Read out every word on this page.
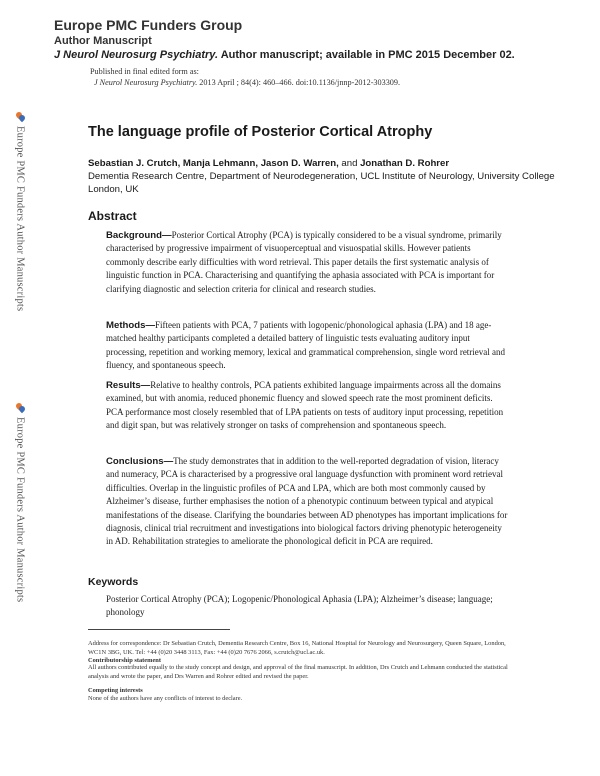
Europe PMC Funders Group
Author Manuscript
J Neurol Neurosurg Psychiatry. Author manuscript; available in PMC 2015 December 02.
Published in final edited form as:
J Neurol Neurosurg Psychiatry. 2013 April ; 84(4): 460–466. doi:10.1136/jnnp-2012-303309.
Europe PMC Funders Author Manuscripts
Europe PMC Funders Author Manuscripts
The language profile of Posterior Cortical Atrophy
Sebastian J. Crutch, Manja Lehmann, Jason D. Warren, and Jonathan D. Rohrer
Dementia Research Centre, Department of Neurodegeneration, UCL Institute of Neurology, University College London, UK
Abstract
Background—Posterior Cortical Atrophy (PCA) is typically considered to be a visual syndrome, primarily characterised by progressive impairment of visuoperceptual and visuospatial skills. However patients commonly describe early difficulties with word retrieval. This paper details the first systematic analysis of linguistic function in PCA. Characterising and quantifying the aphasia associated with PCA is important for clarifying diagnostic and selection criteria for clinical and research studies.
Methods—Fifteen patients with PCA, 7 patients with logopenic/phonological aphasia (LPA) and 18 age-matched healthy participants completed a detailed battery of linguistic tests evaluating auditory input processing, repetition and working memory, lexical and grammatical comprehension, single word retrieval and fluency, and spontaneous speech.
Results—Relative to healthy controls, PCA patients exhibited language impairments across all the domains examined, but with anomia, reduced phonemic fluency and slowed speech rate the most prominent deficits. PCA performance most closely resembled that of LPA patients on tests of auditory input processing, repetition and digit span, but was relatively stronger on tasks of comprehension and spontaneous speech.
Conclusions—The study demonstrates that in addition to the well-reported degradation of vision, literacy and numeracy, PCA is characterised by a progressive oral language dysfunction with prominent word retrieval difficulties. Overlap in the linguistic profiles of PCA and LPA, which are both most commonly caused by Alzheimer’s disease, further emphasises the notion of a phenotypic continuum between typical and atypical manifestations of the disease. Clarifying the boundaries between AD phenotypes has important implications for diagnosis, clinical trial recruitment and investigations into biological factors driving phenotypic heterogeneity in AD. Rehabilitation strategies to ameliorate the phonological deficit in PCA are required.
Keywords
Posterior Cortical Atrophy (PCA); Logopenic/Phonological Aphasia (LPA); Alzheimer’s disease; language; phonology
Address for correspondence: Dr Sebastian Crutch, Dementia Research Centre, Box 16, National Hospital for Neurology and Neurosurgery, Queen Square, London, WC1N 3BG, UK. Tel: +44 (0)20 3448 3113, Fax: +44 (0)20 7676 2066, s.crutch@ucl.ac.uk.
Contributorship statement
All authors contributed equally to the study concept and design, and approval of the final manuscript. In addition, Drs Crutch and Lehmann conducted the statistical analysis and wrote the paper, and Drs Warren and Rohrer edited and revised the paper.
Competing interests
None of the authors have any conflicts of interest to declare.
